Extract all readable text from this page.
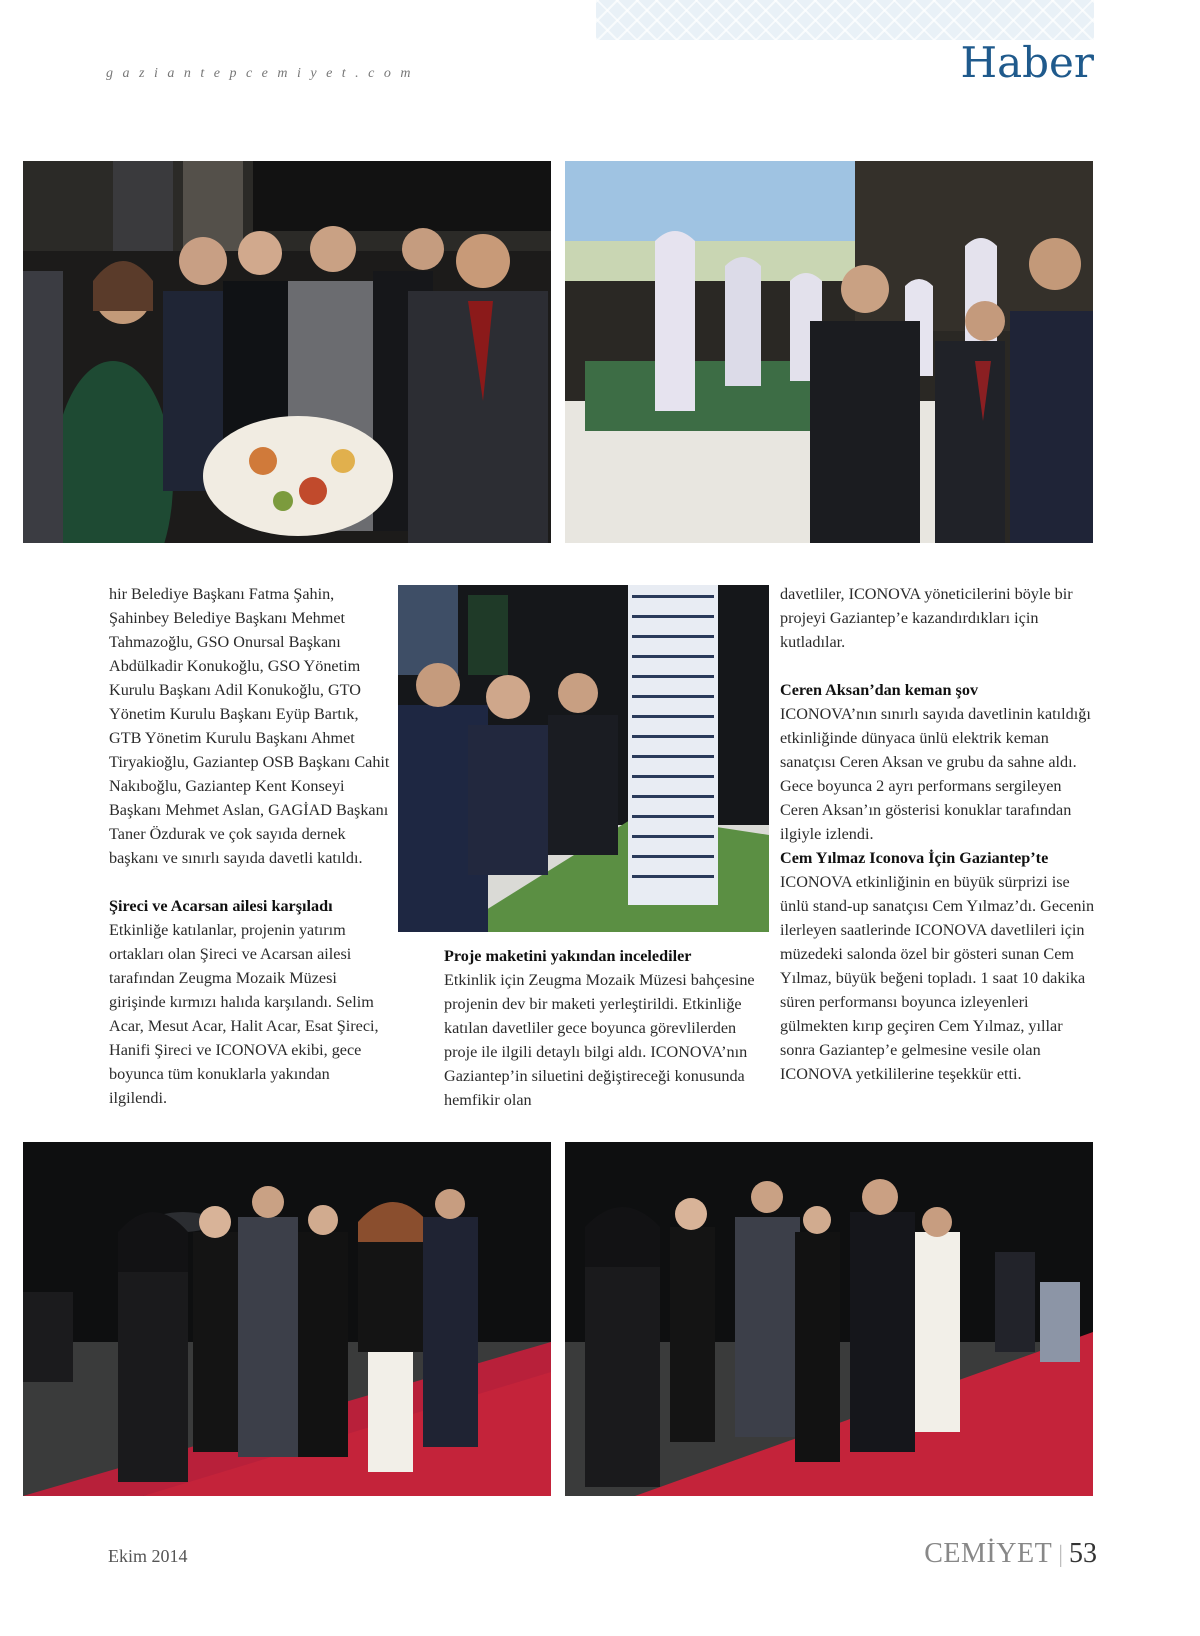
gaziantepcemiyet.com	Haber

hir Belediye Başkanı Fatma Şahin, Şahinbey Belediye Başkanı Mehmet Tahmazoğlu, GSO Onursal Başkanı Abdülkadir Konukoğlu, GSO Yönetim Kurulu Başkanı Adil Konukoğlu, GTO Yönetim Kurulu Başkanı Eyüp Bartık, GTB Yönetim Kurulu Başkanı Ahmet Tiryakioğlu, Gaziantep OSB Başkanı Cahit Nakıboğlu, Gaziantep Kent Konseyi Başkanı Mehmet Aslan, GAGİAD Başkanı Taner Özdurak ve çok sayıda dernek başkanı ve sınırlı sayıda davetli katıldı.

Şireci ve Acarsan ailesi karşıladı

Etkinliğe katılanlar, projenin yatırım ortakları olan Şireci ve Acarsan ailesi tarafından Zeugma Mozaik Müzesi girişinde kırmızı halıda karşılandı. Selim Acar, Mesut Acar, Halit Acar, Esat Şireci, Hanifi Şireci ve ICONOVA ekibi, gece boyunca tüm konuklarla yakından ilgilendi.

Proje maketini yakından incelediler

Etkinlik için Zeugma Mozaik Müzesi bahçesine projenin dev bir maketi yerleştirildi. Etkinliğe katılan davetliler gece boyunca görevlilerden proje ile ilgili detaylı bilgi aldı. ICONOVA’nın Gaziantep’in siluetini değiştireceği konusunda hemfikir olan

davetliler, ICONOVA yöneticilerini böyle bir projeyi Gaziantep’e kazandırdıkları için kutladılar.

Ceren Aksan’dan keman şov

ICONOVA’nın sınırlı sayıda davetlinin katıldığı etkinliğinde dünyaca ünlü elektrik keman sanatçısı Ceren Aksan ve grubu da sahne aldı. Gece boyunca 2 ayrı performans sergileyen Ceren Aksan’ın gösterisi konuklar tarafından ilgiyle izlendi.

Cem Yılmaz Iconova İçin Gaziantep’te

ICONOVA etkinliğinin en büyük sürprizi ise ünlü stand-up sanatçısı Cem Yılmaz’dı. Gecenin ilerleyen saatlerinde ICONOVA davetlileri için müzedeki salonda özel bir gösteri sunan Cem Yılmaz, büyük beğeni topladı. 1 saat 10 dakika süren performansı boyunca izleyenleri gülmekten kırıp geçiren Cem Yılmaz, yıllar sonra Gaziantep’e gelmesine vesile olan ICONOVA yetkililerine teşekkür etti.

Ekim 2014	CEMİYET | 53
